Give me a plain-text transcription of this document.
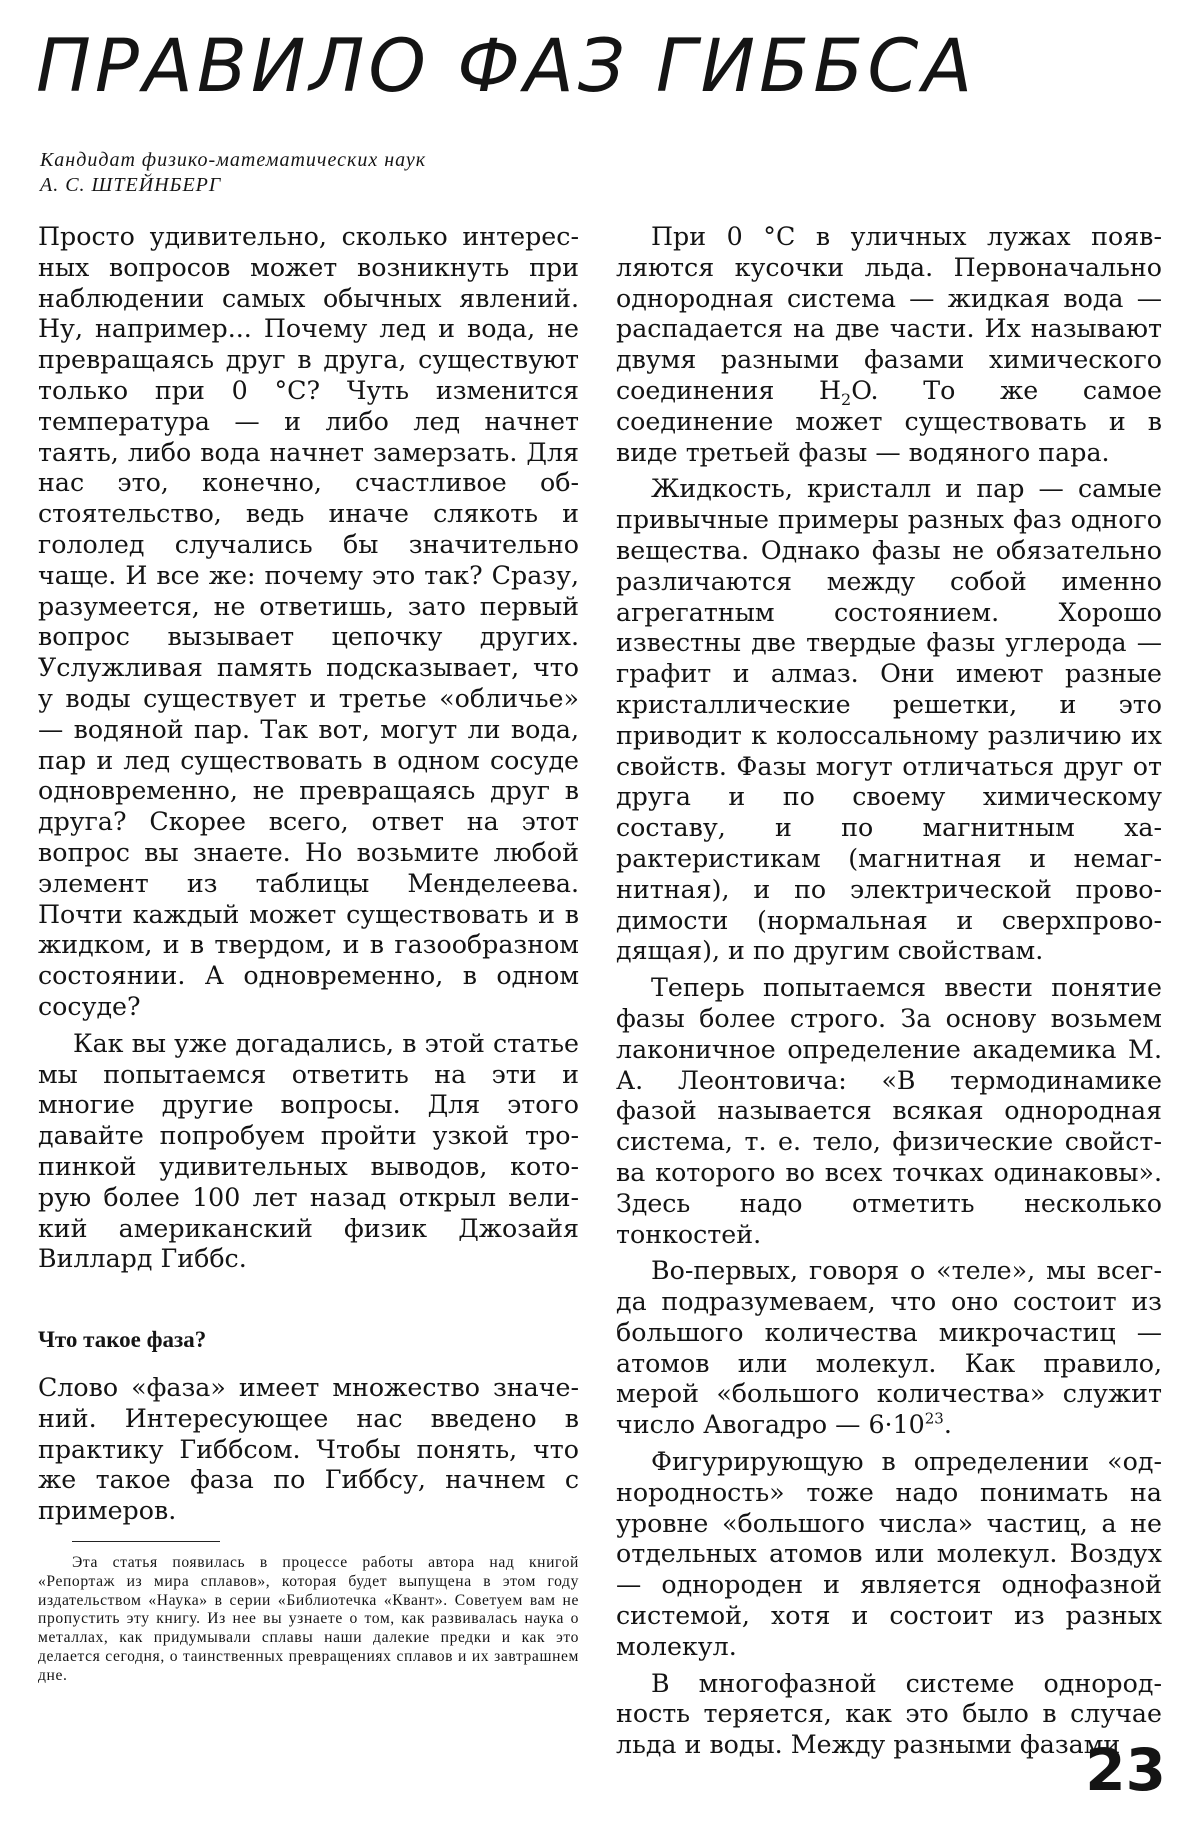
ПРАВИЛО ФАЗ ГИББСА
Кандидат физико-математических наук
А. С. ШТЕЙНБЕРГ

Просто удивительно, сколько интересных вопросов может возникнуть при наблюдении самых обычных явлений. Ну, например... Почему лед и вода, не превращаясь друг в друга, существуют только при 0 °С? Чуть изменится температура — и либо лед начнет таять, либо вода начнет замерзать. Для нас это, конечно, счастливое обстоятельство, ведь иначе слякоть и гололед случались бы значительно чаще. И все же: почему это так? Сразу, разумеется, не ответишь, зато первый вопрос вызывает цепочку других. Услужливая память подсказывает, что у воды существует и третье «обличье» — водяной пар. Так вот, могут ли вода, пар и лед существовать в одном сосуде одновременно, не превращаясь друг в друга? Скорее всего, ответ на этот вопрос вы знаете. Но возьмите любой элемент из таблицы Менделеева. Почти каждый может существовать и в жидком, и в твердом, и в газообразном состоянии. А одновременно, в одном сосуде?

Как вы уже догадались, в этой статье мы попытаемся ответить на эти и многие другие вопросы. Для этого давайте попробуем пройти узкой тропинкой удивительных выводов, которую более 100 лет назад открыл великий американский физик Джозайя Виллард Гиббс.

Что такое фаза?

Слово «фаза» имеет множество значений. Интересующее нас введено в практику Гиббсом. Чтобы понять, что же такое фаза по Гиббсу, начнем с примеров.

Эта статья появилась в процессе работы автора над книгой «Репортаж из мира сплавов», которая будет выпущена в этом году издательством «Наука» в серии «Библиотечка «Квант». Советуем вам не пропустить эту книгу. Из нее вы узнаете о том, как развивалась наука о металлах, как придумывали сплавы наши далекие предки и как это делается сегодня, о таинственных превращениях сплавов и их завтрашнем дне.

При 0 °С в уличных лужах появляются кусочки льда. Первоначально однородная система — жидкая вода — распадается на две части. Их называют двумя разными фазами химического соединения $H_2O$. То же самое соединение может существовать и в виде третьей фазы — водяного пара.

Жидкость, кристалл и пар — самые привычные примеры разных фаз одного вещества. Однако фазы не обязательно различаются между собой именно агрегатным состоянием. Хорошо известны две твердые фазы углерода — графит и алмаз. Они имеют разные кристаллические решетки, и это приводит к колоссальному различию их свойств. Фазы могут отличаться друг от друга и по своему химическому составу, и по магнитным характеристикам (магнитная и немагнитная), и по электрической проводимости (нормальная и сверхпроводящая), и по другим свойствам.

Теперь попытаемся ввести понятие фазы более строго. За основу возьмем лаконичное определение академика М. А. Леонтовича: «В термодинамике фазой называется всякая однородная система, т. е. тело, физические свойства которого во всех точках одинаковы». Здесь надо отметить несколько тонкостей.

Во-первых, говоря о «теле», мы всегда подразумеваем, что оно состоит из большого количества микрочастиц — атомов или молекул. Как правило, мерой «большого количества» служит число Авогадро — $6\cdot 10^{23}$.

Фигурирующую в определении «однородность» тоже надо понимать на уровне «большого числа» частиц, а не отдельных атомов или молекул. Воздух — однороден и является однофазной системой, хотя и состоит из разных молекул.

В многофазной системе однородность теряется, как это было в случае льда и воды. Между разными фазами

23
